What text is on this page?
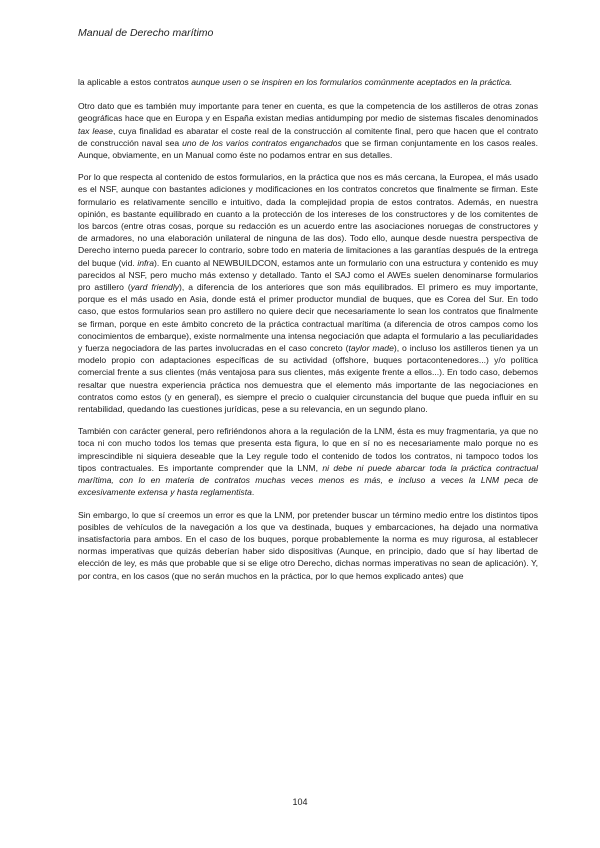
Manual de Derecho marítimo

la aplicable a estos contratos aunque usen o se inspiren en los formularios comúnmente aceptados en la práctica.

Otro dato que es también muy importante para tener en cuenta, es que la competencia de los astilleros de otras zonas geográficas hace que en Europa y en España existan medias antidumping por medio de sistemas fiscales denominados tax lease, cuya finalidad es abaratar el coste real de la construcción al comitente final, pero que hacen que el contrato de construcción naval sea uno de los varios contratos enganchados que se firman conjuntamente en los casos reales. Aunque, obviamente, en un Manual como éste no podamos entrar en sus detalles.

Por lo que respecta al contenido de estos formularios, en la práctica que nos es más cercana, la Europea, el más usado es el NSF, aunque con bastantes adiciones y modificaciones en los contratos concretos que finalmente se firman. Este formulario es relativamente sencillo e intuitivo, dada la complejidad propia de estos contratos. Además, en nuestra opinión, es bastante equilibrado en cuanto a la protección de los intereses de los constructores y de los comitentes de los barcos (entre otras cosas, porque su redacción es un acuerdo entre las asociaciones noruegas de constructores y de armadores, no una elaboración unilateral de ninguna de las dos). Todo ello, aunque desde nuestra perspectiva de Derecho interno pueda parecer lo contrario, sobre todo en materia de limitaciones a las garantías después de la entrega del buque (vid. infra). En cuanto al NEWBUILDCON, estamos ante un formulario con una estructura y contenido es muy parecidos al NSF, pero mucho más extenso y detallado. Tanto el SAJ como el AWEs suelen denominarse formularios pro astillero (yard friendly), a diferencia de los anteriores que son más equilibrados. El primero es muy importante, porque es el más usado en Asia, donde está el primer productor mundial de buques, que es Corea del Sur. En todo caso, que estos formularios sean pro astillero no quiere decir que necesariamente lo sean los contratos que finalmente se firman, porque en este ámbito concreto de la práctica contractual marítima (a diferencia de otros campos como los conocimientos de embarque), existe normalmente una intensa negociación que adapta el formulario a las peculiaridades y fuerza negociadora de las partes involucradas en el caso concreto (taylor made), o incluso los astilleros tienen ya un modelo propio con adaptaciones específicas de su actividad (offshore, buques portacontenedores...) y/o política comercial frente a sus clientes (más ventajosa para sus clientes, más exigente frente a ellos...). En todo caso, debemos resaltar que nuestra experiencia práctica nos demuestra que el elemento más importante de las negociaciones en contratos como estos (y en general), es siempre el precio o cualquier circunstancia del buque que pueda influir en su rentabilidad, quedando las cuestiones jurídicas, pese a su relevancia, en un segundo plano.

También con carácter general, pero refiriéndonos ahora a la regulación de la LNM, ésta es muy fragmentaria, ya que no toca ni con mucho todos los temas que presenta esta figura, lo que en sí no es necesariamente malo porque no es imprescindible ni siquiera deseable que la Ley regule todo el contenido de todos los contratos, ni tampoco todos los tipos contractuales. Es importante comprender que la LNM, ni debe ni puede abarcar toda la práctica contractual marítima, con lo en materia de contratos muchas veces menos es más, e incluso a veces la LNM peca de excesivamente extensa y hasta reglamentista.

Sin embargo, lo que sí creemos un error es que la LNM, por pretender buscar un término medio entre los distintos tipos posibles de vehículos de la navegación a los que va destinada, buques y embarcaciones, ha dejado una normativa insatisfactoria para ambos. En el caso de los buques, porque probablemente la norma es muy rigurosa, al establecer normas imperativas que quizás deberían haber sido dispositivas (Aunque, en principio, dado que sí hay libertad de elección de ley, es más que probable que si se elige otro Derecho, dichas normas imperativas no sean de aplicación). Y, por contra, en los casos (que no serán muchos en la práctica, por lo que hemos explicado antes) que

104
